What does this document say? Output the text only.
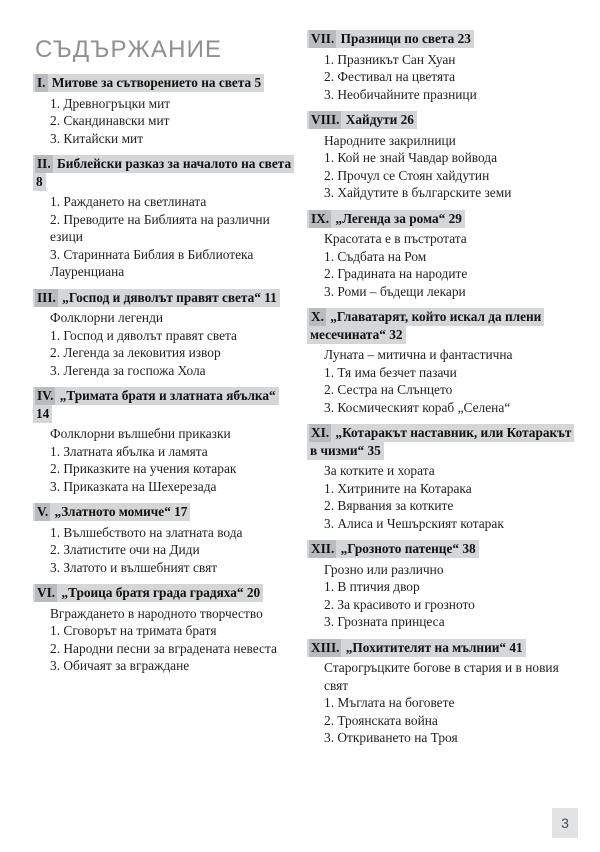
СЪДЪРЖАНИЕ
I. Митове за сътворението на света 5
1. Древногръцки мит
2. Скандинавски мит
3. Китайски мит
II. Библейски разказ за началото на света 8
1. Раждането на светлината
2. Преводите на Библията на различни езици
3. Старинната Библия в Библиотека Лауренциана
III. „Господ и дяволът правят света“ 11
Фолклорни легенди
1. Господ и дяволът правят света
2. Легенда за лековития извор
3. Легенда за госпожа Хола
IV. „Тримата братя и златната ябълка“ 14
Фолклорни вълшебни приказки
1. Златната ябълка и ламята
2. Приказките на учения котарак
3. Приказката на Шехерезада
V. „Златното момиче“ 17
1. Вълшебството на златната вода
2. Златистите очи на Диди
3. Златото и вълшебният свят
VI. „Троица братя града градяха“ 20
Вграждането в народното творчество
1. Сговорът на тримата братя
2. Народни песни за вградената невеста
3. Обичаят за вграждане
VII. Празници по света 23
1. Празникът Сан Хуан
2. Фестивал на цветята
3. Необичайните празници
VIII. Хайдути 26
Народните закрилници
1. Кой не знай Чавдар войвода
2. Прочул се Стоян хайдутин
3. Хайдутите в българските земи
IX. „Легенда за рома“ 29
Красотата е в пъстротата
1. Съдбата на Ром
2. Градината на народите
3. Роми – бъдещи лекари
X. „Главатарят, който искал да плени месечината“ 32
Луната – митична и фантастична
1. Тя има безчет пазачи
2. Сестра на Слънцето
3. Космическият кораб „Селена“
XI. „Котаракът наставник, или Котаракът в чизми“ 35
За котките и хората
1. Хитрините на Котарака
2. Вярвания за котките
3. Алиса и Чешърският котарак
XII. „Грозното патенце“ 38
Грозно или различно
1. В птичия двор
2. За красивото и грозното
3. Грозната принцеса
XIII. „Похитителят на мълнии“ 41
Старогръцките богове в стария и в новия свят
1. Мъглата на боговете
2. Троянската война
3. Откриването на Троя
3
